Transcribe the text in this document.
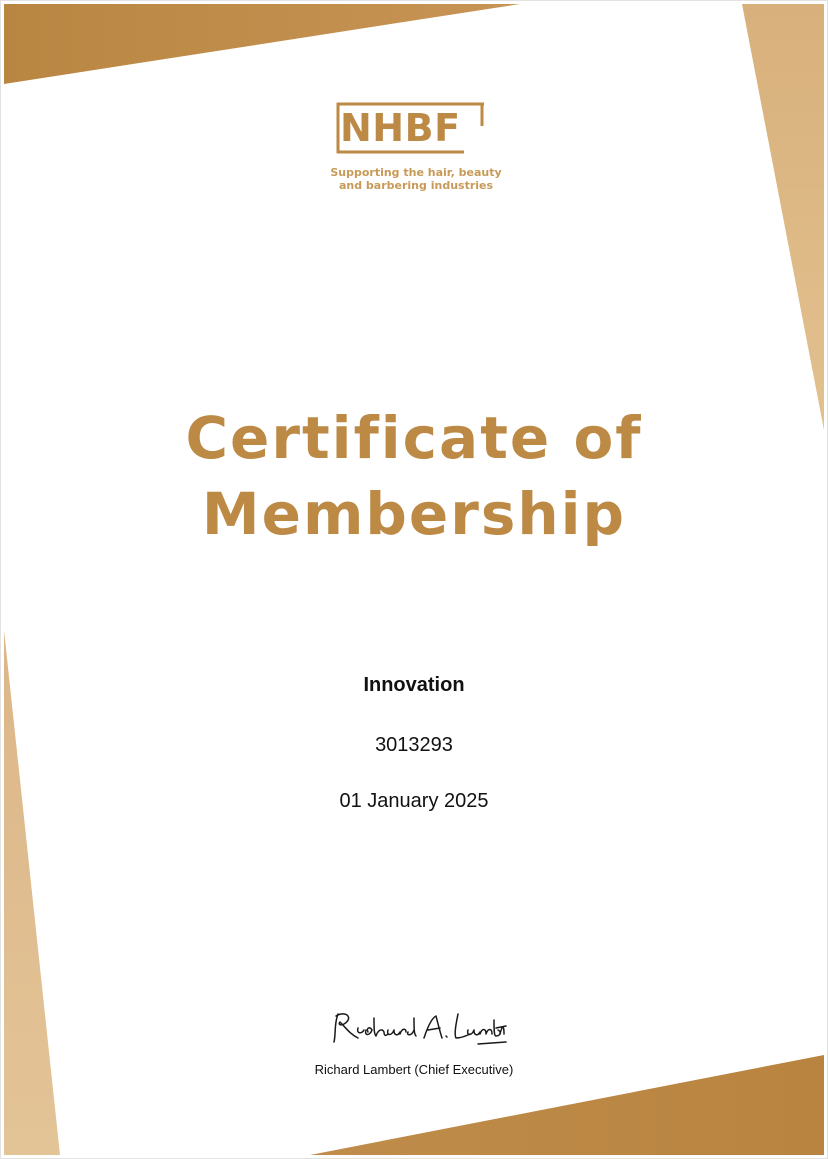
NHBF
Supporting the hair, beauty
and barbering industries
Certificate of
Membership
Innovation
3013293
01 January 2025
Richard Lambert (Chief Executive)
